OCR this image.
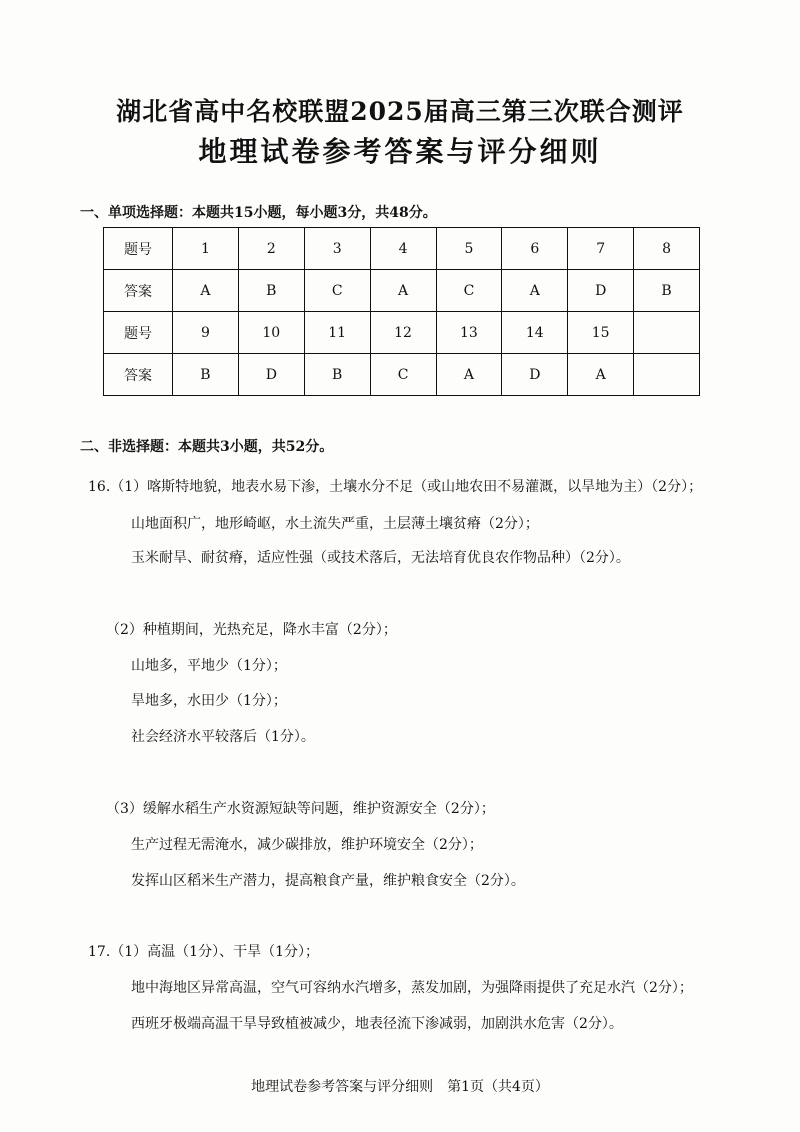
湖北省高中名校联盟2025届高三第三次联合测评
地理试卷参考答案与评分细则
一、单项选择题：本题共15小题，每小题3分，共48分。
题号	1	2	3	4	5	6	7	8
答案	A	B	C	A	C	A	D	B
题号	9	10	11	12	13	14	15	
答案	B	D	B	C	A	D	A	
二、非选择题：本题共3小题，共52分。
16.（1）喀斯特地貌，地表水易下渗，土壤水分不足（或山地农田不易灌溉，以旱地为主）（2分）；
山地面积广，地形崎岖，水土流失严重，土层薄土壤贫瘠（2分）；
玉米耐旱、耐贫瘠，适应性强（或技术落后，无法培育优良农作物品种）（2分）。
（2）种植期间，光热充足，降水丰富（2分）；
山地多，平地少（1分）；
旱地多，水田少（1分）；
社会经济水平较落后（1分）。
（3）缓解水稻生产水资源短缺等问题，维护资源安全（2分）；
生产过程无需淹水，减少碳排放，维护环境安全（2分）；
发挥山区稻米生产潜力，提高粮食产量，维护粮食安全（2分）。
17.（1）高温（1分）、干旱（1分）；
地中海地区异常高温，空气可容纳水汽增多，蒸发加剧，为强降雨提供了充足水汽（2分）；
西班牙极端高温干旱导致植被减少，地表径流下渗减弱，加剧洪水危害（2分）。
地理试卷参考答案与评分细则　第1页（共4页）
